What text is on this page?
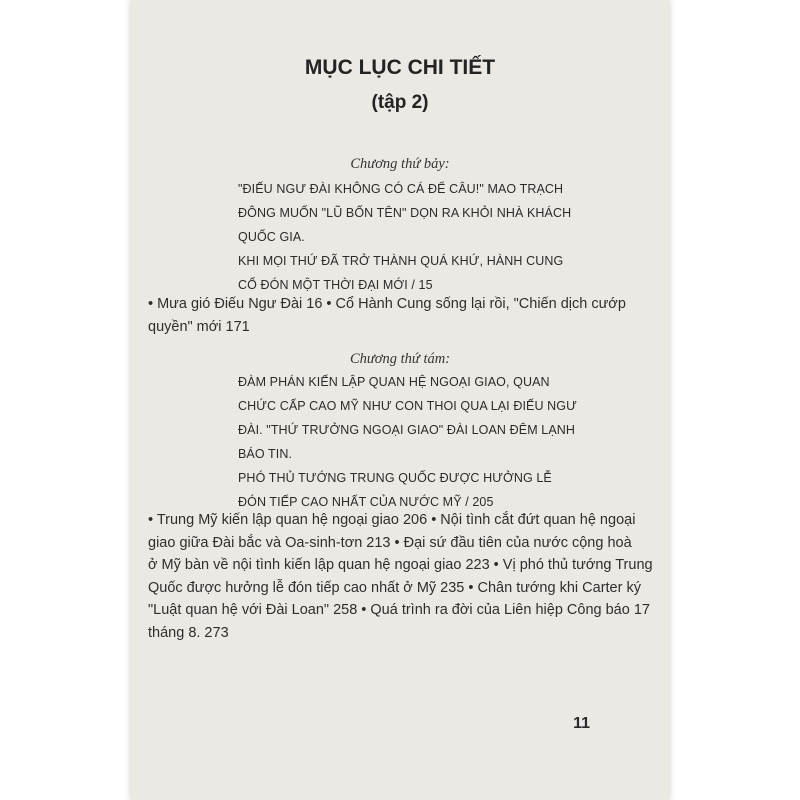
MỤC LỤC CHI TIẾT
(tập 2)
Chương thứ bảy:
"ĐIẾU NGƯ ĐÀI KHÔNG CÓ CÁ ĐỂ CÂU!" MAO TRẠCH
ĐÔNG MUỐN "LŨ BỐN TÊN" DỌN RA KHỎI NHÀ KHÁCH
QUỐC GIA.
KHI MỌI THỨ ĐÃ TRỞ THÀNH QUÁ KHỨ, HÀNH CUNG
CỔ ĐÓN MỘT THỜI ĐẠI MỚI / 15
• Mưa gió Điếu Ngư Đài 16 • Cổ Hành Cung sống lại rồi, "Chiến dịch cướp
quyền" mới 171
Chương thứ tám:
ĐÀM PHÁN KIẾN LẬP QUAN HỆ NGOẠI GIAO, QUAN
CHỨC CẤP CAO MỸ NHƯ CON THOI QUA LẠI ĐIẾU NGƯ
ĐÀI. "THỨ TRƯỞNG NGOẠI GIAO" ĐÀI LOAN ĐÊM LẠNH
BÁO TIN.
PHÓ THỦ TƯỚNG TRUNG QUỐC ĐƯỢC HƯỞNG LỄ
ĐÓN TIẾP CAO NHẤT CỦA NƯỚC MỸ / 205
• Trung Mỹ kiến lập quan hệ ngoại giao 206 • Nội tình cắt đứt quan hệ ngoại
giao giữa Đài bắc và Oa-sinh-tơn 213 • Đại sứ đầu tiên của nước cộng hoà
ở Mỹ bàn về nội tình kiến lập quan hệ ngoại giao 223 • Vị phó thủ tướng Trung
Quốc được hưởng lễ đón tiếp cao nhất ở Mỹ 235 • Chân tướng khi Carter ký
"Luật quan hệ với Đài Loan" 258 • Quá trình ra đời của Liên hiệp Công báo 17
tháng 8. 273
11
